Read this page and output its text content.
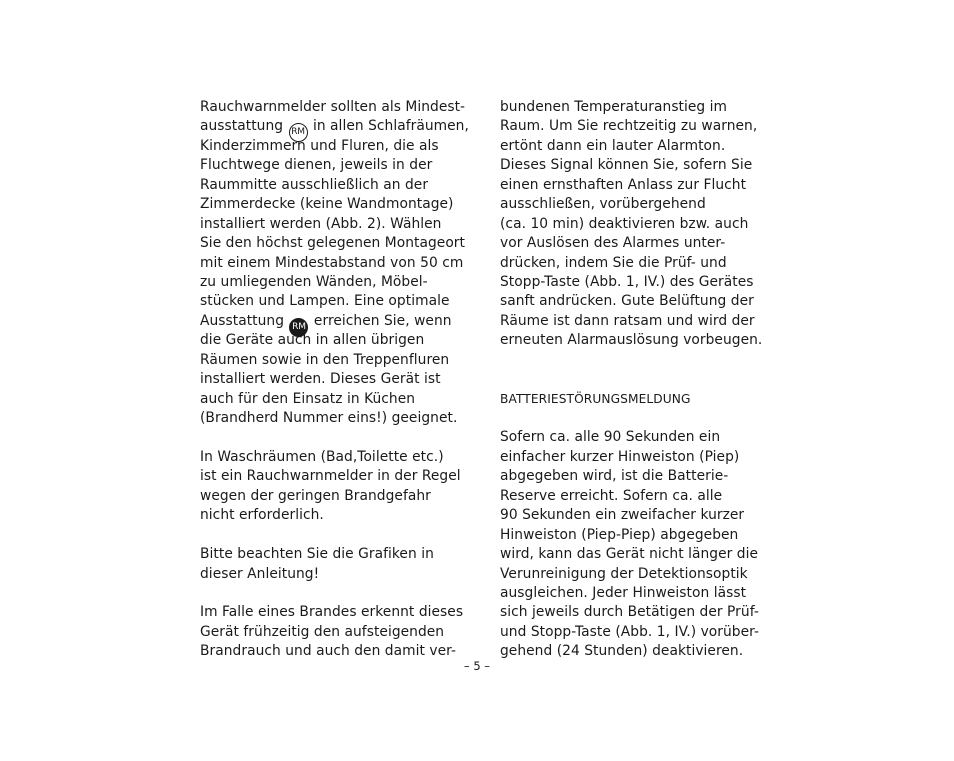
Rauchwarnmelder sollten als Mindest-
ausstattung RM in allen Schlafräumen,
Kinderzimmern und Fluren, die als
Fluchtwege dienen, jeweils in der
Raummitte ausschließlich an der
Zimmerdecke (keine Wandmontage)
installiert werden (Abb. 2). Wählen
Sie den höchst gelegenen Montageort
mit einem Mindestabstand von 50 cm
zu umliegenden Wänden, Möbel-
stücken und Lampen. Eine optimale
Ausstattung RM erreichen Sie, wenn
die Geräte auch in allen übrigen
Räumen sowie in den Treppenfluren
installiert werden. Dieses Gerät ist
auch für den Einsatz in Küchen
(Brandherd Nummer eins!) geeignet.
In Waschräumen (Bad,Toilette etc.)
ist ein Rauchwarnmelder in der Regel
wegen der geringen Brandgefahr
nicht erforderlich.
Bitte beachten Sie die Grafiken in
dieser Anleitung!
Im Falle eines Brandes erkennt dieses
Gerät frühzeitig den aufsteigenden
Brandrauch und auch den damit ver-
bundenen Temperaturanstieg im
Raum. Um Sie rechtzeitig zu warnen,
ertönt dann ein lauter Alarmton.
Dieses Signal können Sie, sofern Sie
einen ernsthaften Anlass zur Flucht
ausschließen, vorübergehend
(ca. 10 min) deaktivieren bzw. auch
vor Auslösen des Alarmes unter-
drücken, indem Sie die Prüf- und
Stopp-Taste (Abb. 1, IV.) des Gerätes
sanft andrücken. Gute Belüftung der
Räume ist dann ratsam und wird der
erneuten Alarmauslösung vorbeugen.
BATTERIESTÖRUNGSMELDUNG
Sofern ca. alle 90 Sekunden ein
einfacher kurzer Hinweiston (Piep)
abgegeben wird, ist die Batterie-
Reserve erreicht. Sofern ca. alle
90 Sekunden ein zweifacher kurzer
Hinweiston (Piep-Piep) abgegeben
wird, kann das Gerät nicht länger die
Verunreinigung der Detektionsoptik
ausgleichen. Jeder Hinweiston lässt
sich jeweils durch Betätigen der Prüf-
und Stopp-Taste (Abb. 1, IV.) vorüber-
gehend (24 Stunden) deaktivieren.
– 5 –
